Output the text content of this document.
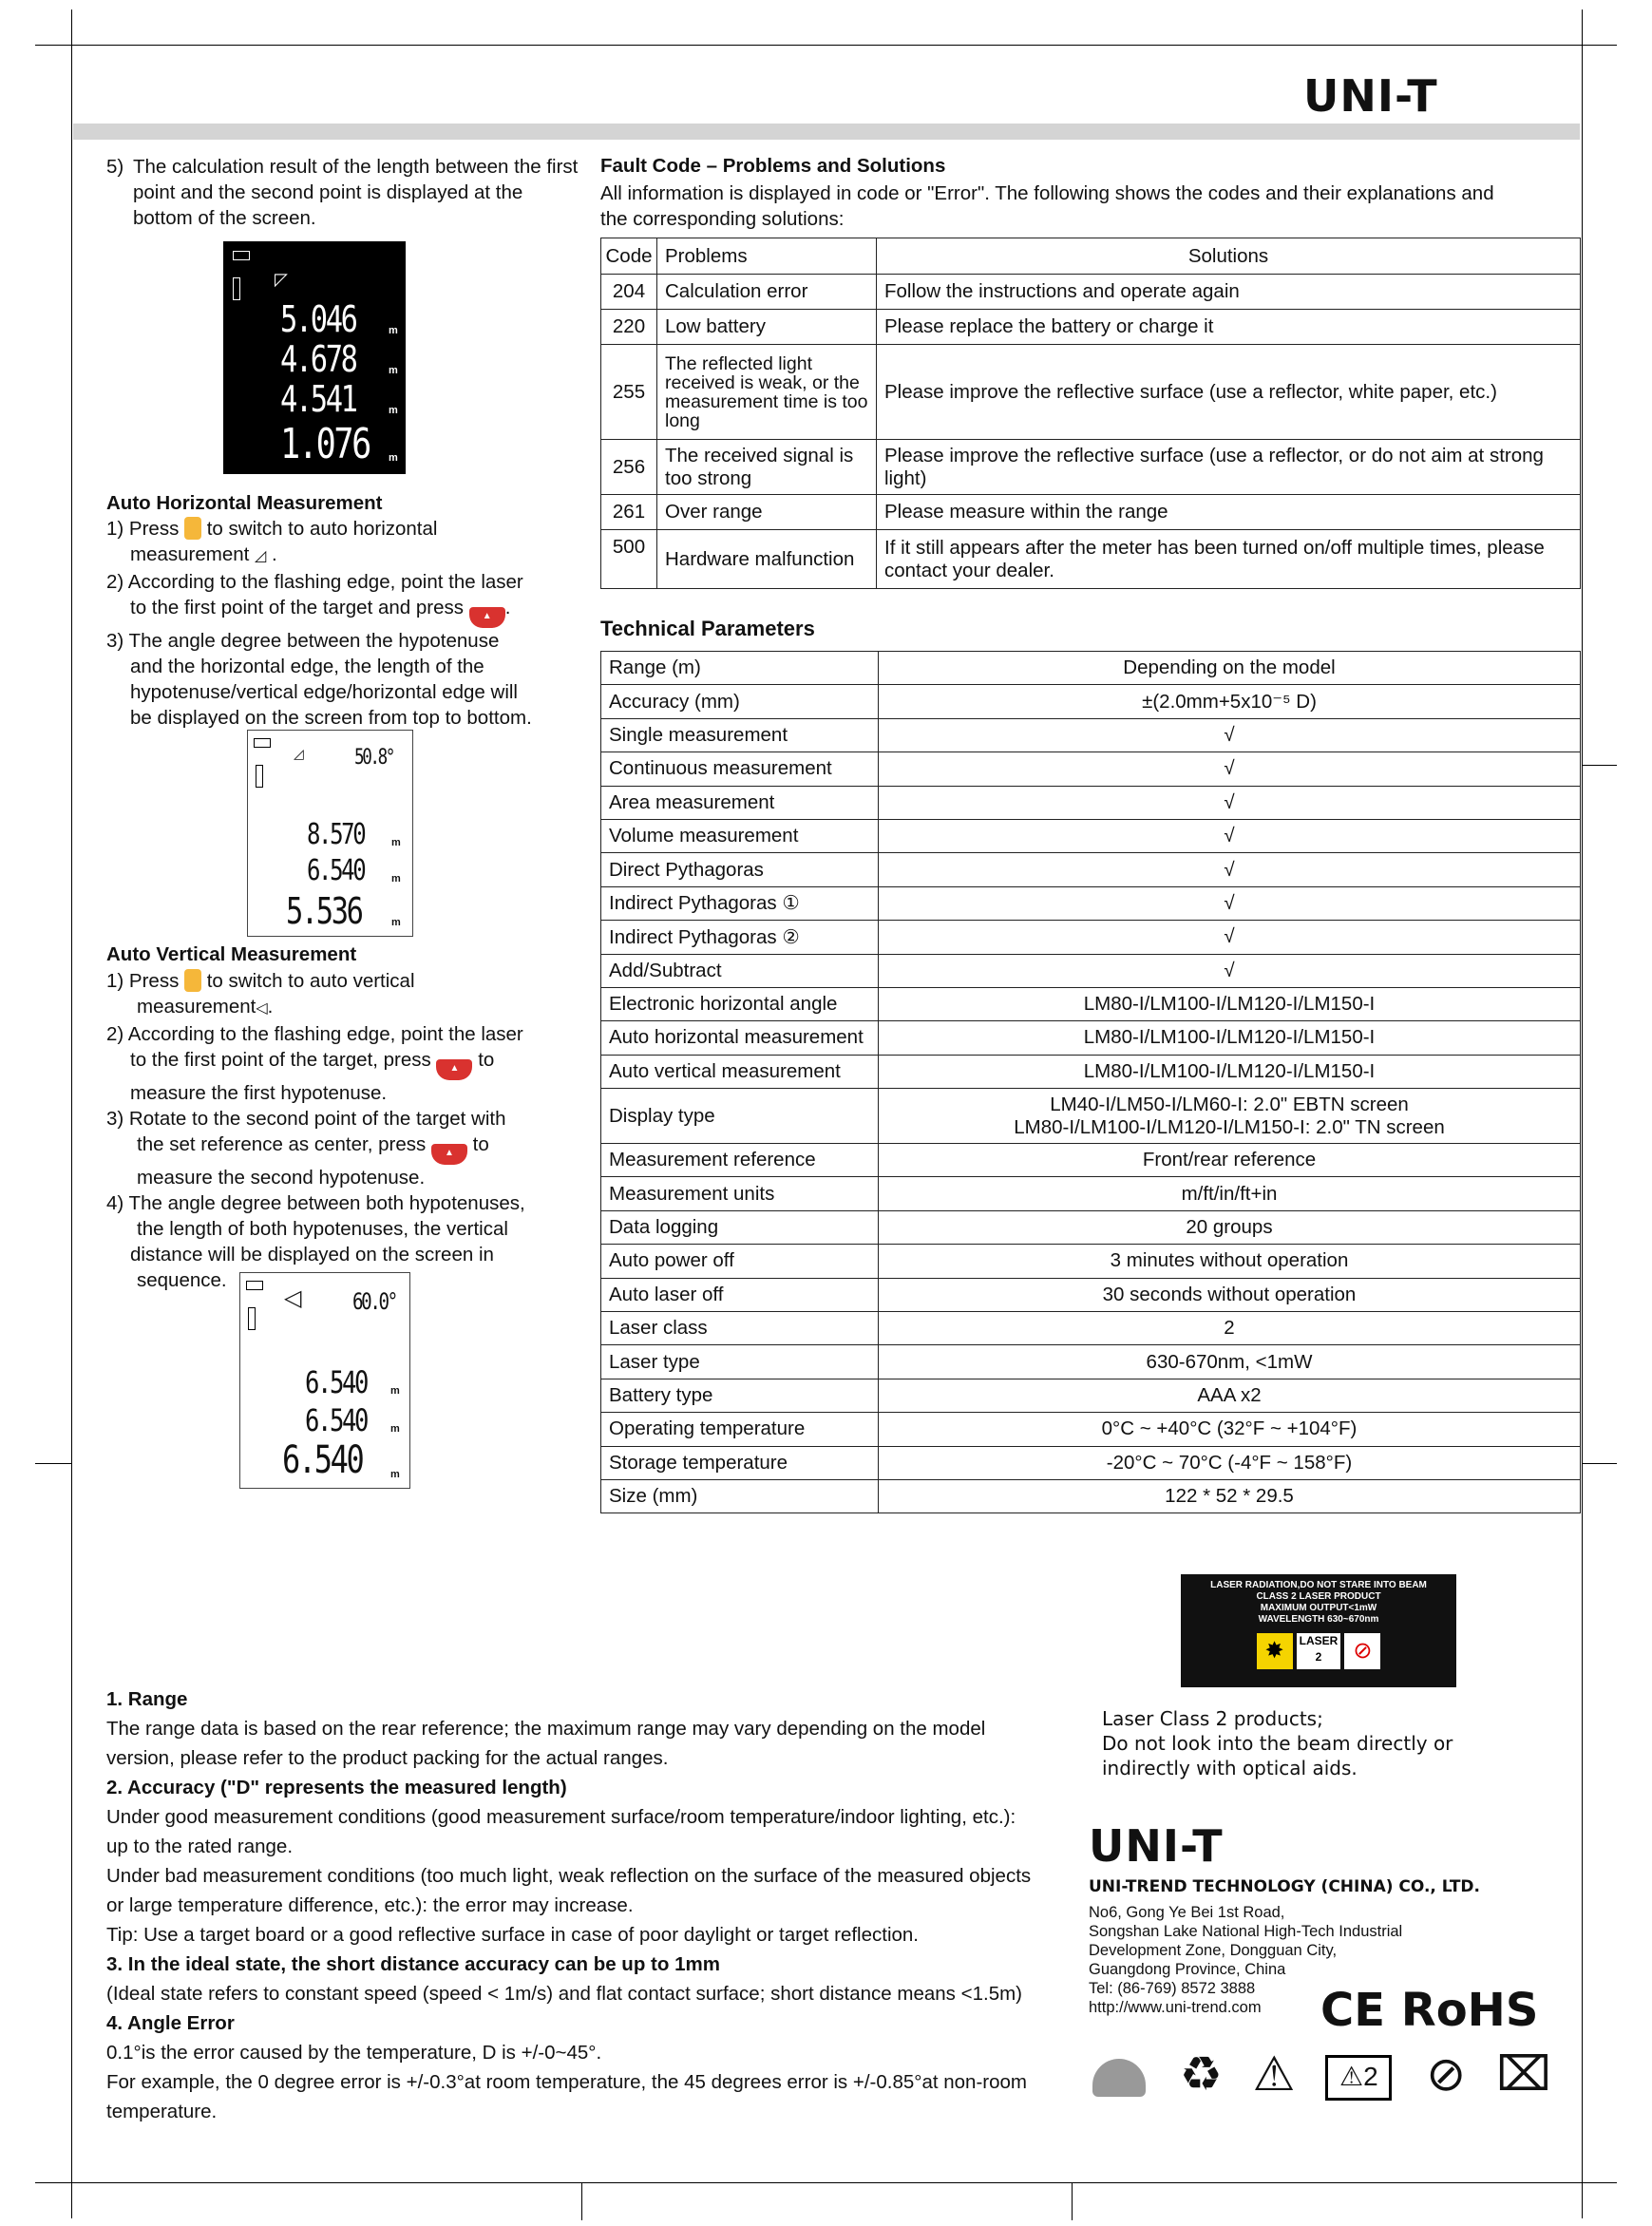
UNI-T
5) The calculation result of the length between the first point and the second point is displayed at the bottom of the screen.
◸
5.046
4.678
4.541
1.076
m
m
m
m
Auto Horizontal Measurement
1) Press to switch to auto horizontal
measurement ◿ .
2) According to the flashing edge, point the laser
to the first point of the target and press ▲ .
3) The angle degree between the hypotenuse
and the horizontal edge, the length of the
hypotenuse/vertical edge/horizontal edge will
be displayed on the screen from top to bottom.
◿ 50.8°
8.570
6.540
5.536
m
m
m
Auto Vertical Measurement
1) Press to switch to auto vertical
measurement◁.
2) According to the flashing edge, point the laser
to the first point of the target, press ▲ to
measure the first hypotenuse.
3) Rotate to the second point of the target with
the set reference as center, press ▲ to
measure the second hypotenuse.
4) The angle degree between both hypotenuses,
the length of both hypotenuses, the vertical
distance will be displayed on the screen in
sequence.
◁ 60.0°
6.540
6.540
6.540
m
m
m
Fault Code – Problems and Solutions
All information is displayed in code or "Error". The following shows the codes and their explanations and
the corresponding solutions:
Code	Problems	Solutions
204	Calculation error	Follow the instructions and operate again
220	Low battery	Please replace the battery or charge it
255	The reflected light received is weak, or the measurement time is too long	Please improve the reflective surface (use a reflector, white paper, etc.)
256	The received signal is too strong	Please improve the reflective surface (use a reflector, or do not aim at strong light)
261	Over range	Please measure within the range
500	Hardware malfunction	If it still appears after the meter has been turned on/off multiple times, please contact your dealer.
Technical Parameters
Range (m)	Depending on the model

Accuracy (mm)	±(2.0mm+5x10⁻⁵ D)

Single measurement	√

Continuous measurement	√

Area measurement	√

Volume measurement	√

Direct Pythagoras	√

Indirect Pythagoras ①	√

Indirect Pythagoras ②	√

Add/Subtract	√

Electronic horizontal angle	LM80-I/LM100-I/LM120-I/LM150-I

Auto horizontal measurement	LM80-I/LM100-I/LM120-I/LM150-I

Auto vertical measurement	LM80-I/LM100-I/LM120-I/LM150-I

Display type	LM40-I/LM50-I/LM60-I: 2.0" EBTN screen
LM80-I/LM100-I/LM120-I/LM150-I: 2.0" TN screen

Measurement reference	Front/rear reference

Measurement units	m/ft/in/ft+in

Data logging	20 groups

Auto power off	3 minutes without operation

Auto laser off	30 seconds without operation

Laser class	2

Laser type	630-670nm, <1mW

Battery type	AAA x2

Operating temperature	0°C ~ +40°C (32°F ~ +104°F)

Storage temperature	-20°C ~ 70°C (-4°F ~ 158°F)

Size (mm)	122 * 52 * 29.5
1. Range
The range data is based on the rear reference; the maximum range may vary depending on the model
version, please refer to the product packing for the actual ranges.
2. Accuracy ("D" represents the measured length)
Under good measurement conditions (good measurement surface/room temperature/indoor lighting, etc.):
up to the rated range.
Under bad measurement conditions (too much light, weak reflection on the surface of the measured objects
or large temperature difference, etc.): the error may increase.
Tip: Use a target board or a good reflective surface in case of poor daylight or target reflection.
3. In the ideal state, the short distance accuracy can be up to 1mm
(Ideal state refers to constant speed (speed < 1m/s) and flat contact surface; short distance means <1.5m)
4. Angle Error
0.1°is the error caused by the temperature, D is +/-0~45°.
For example, the 0 degree error is +/-0.3°at room temperature, the 45 degrees error is +/-0.85°at non-room
temperature.
LASER RADIATION,DO NOT STARE INTO BEAM
CLASS 2 LASER PRODUCT
MAXIMUM OUTPUT<1mW
WAVELENGTH 630~670nm
✸ LASER
2	⊘
Laser Class 2 products;
Do not look into the beam directly or
indirectly with optical aids.
UNI-T
UNI-TREND TECHNOLOGY (CHINA) CO., LTD.
No6, Gong Ye Bei 1st Road,
Songshan Lake National High-Tech Industrial
Development Zone, Dongguan City,
Guangdong Province, China
Tel: (86-769) 8572 3888
http://www.uni-trend.com	CE RoHS
♻ ⚠ ⚠2 ⊘ ⌧
